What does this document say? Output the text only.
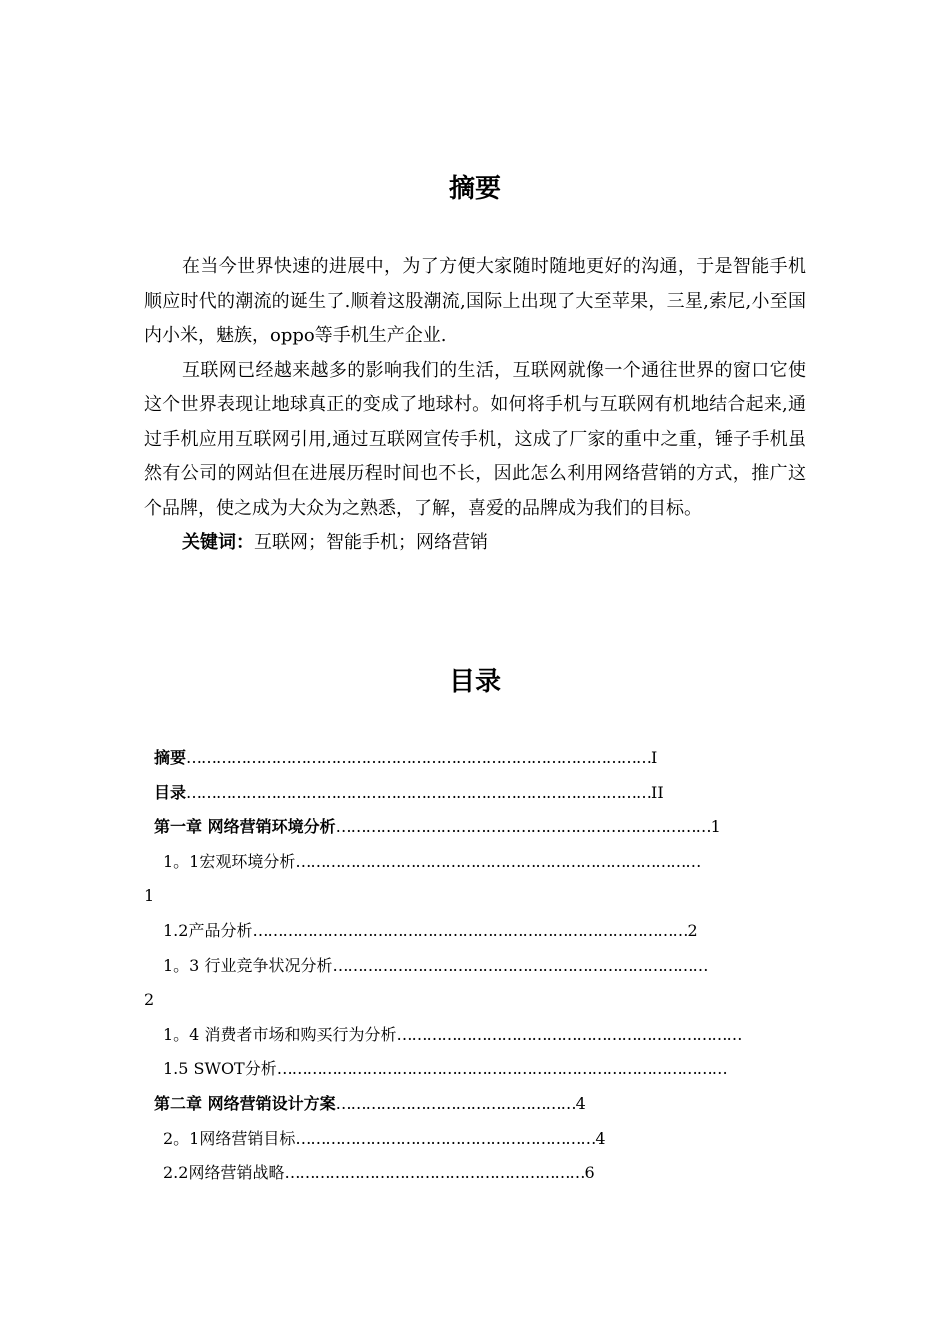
摘要

在当今世界快速的进展中，为了方便大家随时随地更好的沟通，于是智能手机顺应时代的潮流的诞生了.顺着这股潮流,国际上出现了大至苹果，三星,索尼,小至国内小米，魅族，oppo等手机生产企业.

互联网已经越来越多的影响我们的生活，互联网就像一个通往世界的窗口它使这个世界表现让地球真正的变成了地球村。如何将手机与互联网有机地结合起来,通过手机应用互联网引用,通过互联网宣传手机，这成了厂家的重中之重，锤子手机虽然有公司的网站但在进展历程时间也不长，因此怎么利用网络营销的方式，推广这个品牌，使之成为大众为之熟悉，了解，喜爱的品牌成为我们的目标。

关键词：互联网；智能手机；网络营销

目录
摘要…………………………………………………………………………………I
目录…………………………………………………………………………………II
第一章 网络营销环境分析…………………………………………………………………1
1。1宏观环境分析………………………………………………………………………
1
1.2产品分析……………………………………………………………………………2
1。3 行业竞争状况分析…………………………………………………………………
2
1。4 消费者市场和购买行为分析……………………………………………………………
1.5 SWOT分析………………………………………………………………………………
第二章 网络营销设计方案…………………………………………4
2。1网络营销目标……………………………………………………4
2.2网络营销战略……………………………………………………6
